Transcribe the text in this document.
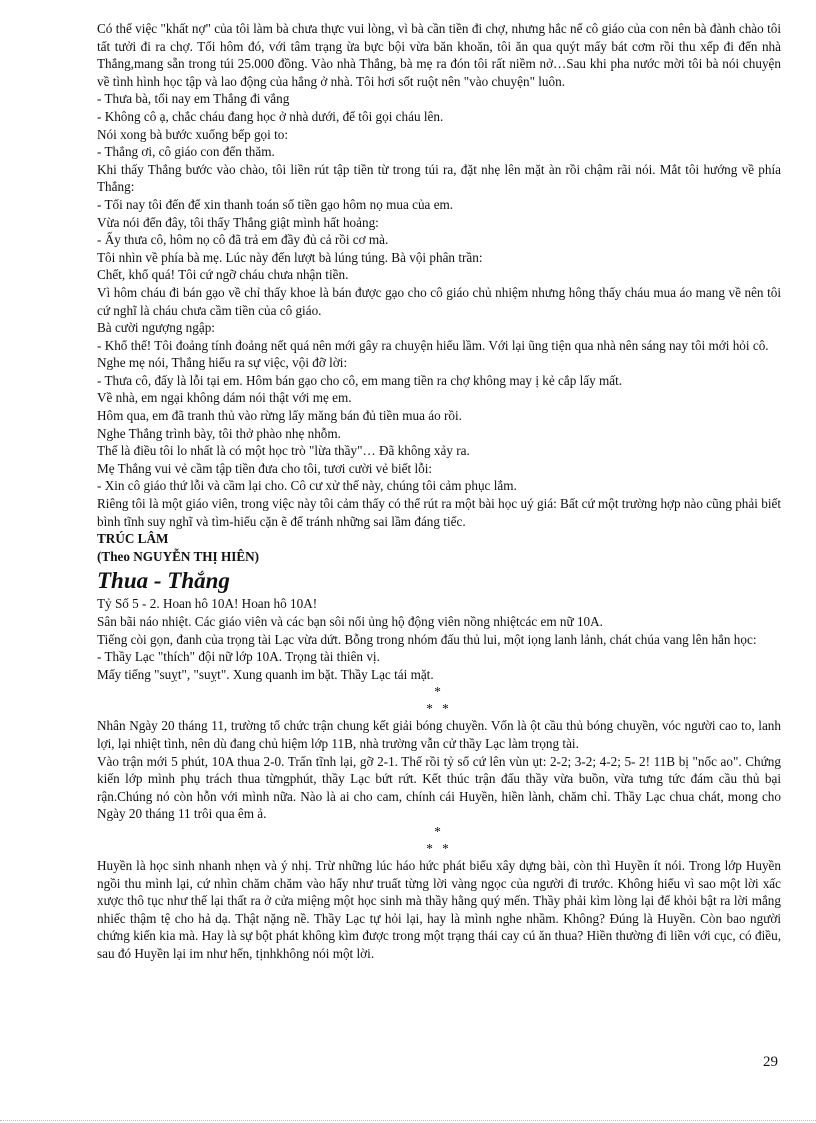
Có thể việc "khất nợ" của tôi làm bà chưa thực vui lòng, vì bà cần tiền đi chợ, nhưng hắc nể cô giáo của con nên bà đành chào tôi tất tưởi đi ra chợ. Tối hôm đó, với tâm trạng ừa bực bội vừa băn khoăn, tôi ăn qua quýt mấy bát cơm rồi thu xếp đi đến nhà Thắng,mang sẵn trong túi 25.000 đồng. Vào nhà Thắng, bà mẹ ra đón tôi rất niềm nở…Sau khi pha nước mời tôi bà nói chuyện về tình hình học tập và lao động của hắng ở nhà. Tôi hơi sốt ruột nên "vào chuyện" luôn.

- Thưa bà, tối nay em Thắng đi vắng

- Không cô ạ, chắc cháu đang học ở nhà dưới, để tôi gọi cháu lên.

Nói xong bà bước xuống bếp gọi to:

- Thắng ơi, cô giáo con đến thăm.

Khi thấy Thắng bước vào chào, tôi liền rút tập tiền từ trong túi ra, đặt nhẹ lên mặt àn rồi chậm rãi nói. Mắt tôi hướng về phía Thắng:

- Tối nay tôi đến để xin thanh toán số tiền gạo hôm nọ mua của em.

Vừa nói đến đây, tôi thấy Thắng giật mình hất hoảng:

- Ấy thưa cô, hôm nọ cô đã trả em đầy đủ cả rồi cơ mà.

Tôi nhìn về phía bà mẹ. Lúc này đến lượt bà lúng túng. Bà vội phân trần:

Chết, khổ quá! Tôi cứ ngỡ cháu chưa nhận tiền.

Vì hôm cháu đi bán gạo về chỉ thấy khoe là bán được gạo cho cô giáo chủ nhiệm nhưng hông thấy cháu mua áo mang về nên tôi cứ nghĩ là cháu chưa cầm tiền của cô giáo.

Bà cười ngượng ngập:

- Khổ thế! Tôi đoảng tính đoảng nết quá nên mới gây ra chuyện hiểu lầm. Với lại ũng tiện qua nhà nên sáng nay tôi mới hỏi cô.

Nghe mẹ nói, Thắng hiểu ra sự việc, vội đỡ lời:

- Thưa cô, đấy là lỗi tại em. Hôm bán gạo cho cô, em mang tiền ra chợ không may ị kẻ cắp lấy mất.

Về nhà, em ngại không dám nói thật với mẹ em.

Hôm qua, em đã tranh thủ vào rừng lấy măng bán đủ tiền mua áo rồi.

Nghe Thắng trình bày, tôi thở phào nhẹ nhỗm.

Thế là điều tôi lo nhất là có một học trò "lừa thầy"… Đã không xảy ra.

Mẹ Thắng vui vẻ cầm tập tiền đưa cho tôi, tươi cười vẻ biết lỗi:

- Xin cô giáo thứ lỗi và cầm lại cho. Cô cư xử thế này, chúng tôi cảm phục lắm.

Riêng tôi là một giáo viên, trong việc này tôi cảm thấy có thể rút ra một bài học uý giá: Bất cứ một trường hợp nào cũng phải biết bình tĩnh suy nghĩ và tìm-hiểu cặn ẽ để tránh những sai lầm đáng tiếc.

TRÚC LÂM

(Theo NGUYỄN THỊ HIÊN)

Thua - Thắng

Tỷ Số 5 - 2. Hoan hô 10A! Hoan hô 10A!

Sân bãi náo nhiệt. Các giáo viên và các bạn sôi nổi ủng hộ động viên nồng nhiệtcác em nữ 10A.

Tiếng còi gọn, đanh của trọng tài Lạc vừa dứt. Bỗng trong nhóm đấu thủ lui, một iọng lanh lảnh, chát chúa vang lên hẳn học:

- Thầy Lạc "thích" đội nữ lớp 10A. Trọng tài thiên vị.

Mấy tiếng "suỵt", "suỵt". Xung quanh im bặt. Thầy Lạc tái mặt.

*

* *

Nhân Ngày 20 tháng 11, trường tổ chức trận chung kết giải bóng chuyền. Vốn là ột cầu thủ bóng chuyền, vóc người cao to, lanh lợi, lại nhiệt tình, nên dù đang chủ hiệm lớp 11B, nhà trường vẫn cử thầy Lạc làm trọng tài.

Vào trận mới 5 phút, 10A thua 2-0. Trấn tĩnh lại, gỡ 2-1. Thế rồi tỷ số cứ lên vùn ụt: 2-2; 3-2; 4-2; 5- 2! 11B bị "nốc ao". Chứng kiến lớp mình phụ trách thua từngphút, thầy Lạc bứt rứt. Kết thúc trận đấu thầy vừa buồn, vừa tưng tức đám cầu thủ bại rận.Chúng nó còn hỗn với mình nữa. Nào là ai cho cam, chính cái Huyền, hiền lành, chăm chỉ. Thầy Lạc chua chát, mong cho Ngày 20 tháng 11 trôi qua êm ả.

*

* *

Huyền là học sinh nhanh nhẹn và ý nhị. Trừ những lúc háo hức phát biểu xây dựng bài, còn thì Huyền ít nói. Trong lớp Huyền ngồi thu mình lại, cứ nhìn chăm chăm vào hẩy như truất từng lời vàng ngọc của người đi trước. Không hiểu vì sao một lời xấc xược thô tục như thế lại thất ra ở cửa miệng một học sinh mà thầy hằng quý mến. Thầy phải kìm lòng lại để khỏi bật ra lời mắng nhiếc thậm tệ cho hả dạ. Thật nặng nề. Thầy Lạc tự hỏi lại, hay là mình nghe nhầm. Không? Đúng là Huyền. Còn bao người chứng kiến kia mà. Hay là sự bột phát không kìm được trong một trạng thái cay cú ăn thua? Hiền thường đi liền với cục, có điều, sau đó Huyền lại im như hến, tịnhkhông nói một lời.

29
